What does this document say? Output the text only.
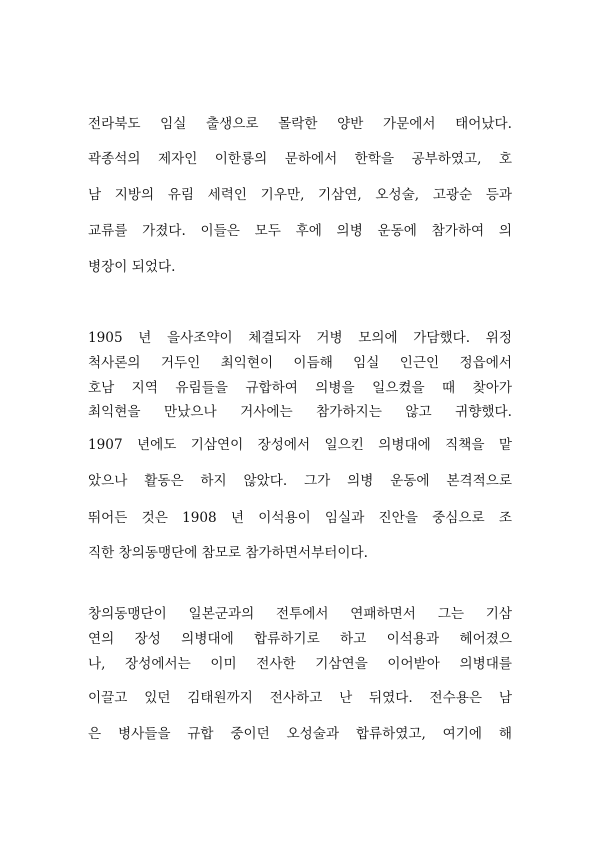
전라북도 임실 출생으로 몰락한 양반 가문에서 태어났다.

곽종석의 제자인 이한룡의 문하에서 한학을 공부하였고, 호

남 지방의 유림 세력인 기우만, 기삼연, 오성술, 고광순 등과

교류를 가졌다. 이들은 모두 후에 의병 운동에 참가하여 의

병장이 되었다.

1905 년 을사조약이 체결되자 거병 모의에 가담했다. 위정

척사론의 거두인 최익현이 이듬해 임실 인근인 정읍에서

호남 지역 유림들을 규합하여 의병을 일으켰을 때 찾아가

최익현을 만났으나 거사에는 참가하지는 않고 귀향했다.

1907 년에도 기삼연이 장성에서 일으킨 의병대에 직책을 맡

았으나 활동은 하지 않았다. 그가 의병 운동에 본격적으로

뛰어든 것은 1908 년 이석용이 임실과 진안을 중심으로 조

직한 창의동맹단에 참모로 참가하면서부터이다.

창의동맹단이 일본군과의 전투에서 연패하면서 그는 기삼

연의 장성 의병대에 합류하기로 하고 이석용과 헤어졌으

나, 장성에서는 이미 전사한 기삼연을 이어받아 의병대를

이끌고 있던 김태원까지 전사하고 난 뒤였다. 전수용은 남

은 병사들을 규합 중이던 오성술과 합류하였고, 여기에 해
